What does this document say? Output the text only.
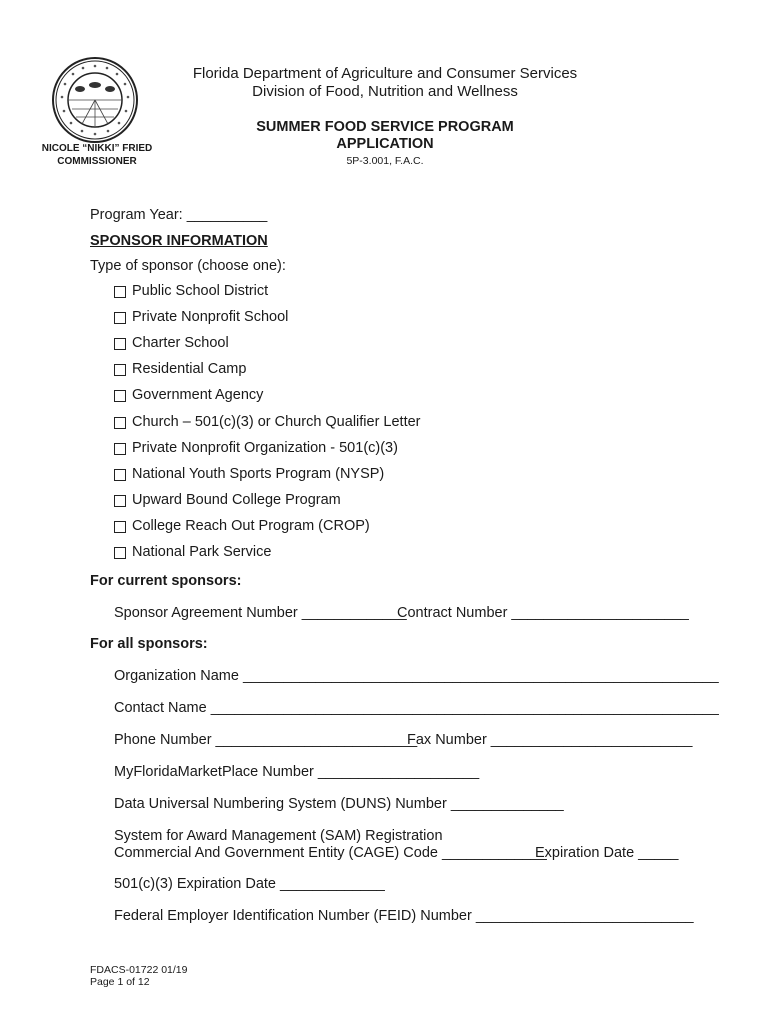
NICOLE “NIKKI” FRIED
COMMISSIONER
Florida Department of Agriculture and Consumer Services
Division of Food, Nutrition and Wellness
SUMMER FOOD SERVICE PROGRAM
APPLICATION
5P-3.001, F.A.C.
Program Year: __________
SPONSOR INFORMATION
Type of sponsor (choose one):
Public School District
Private Nonprofit School
Charter School
Residential Camp
Government Agency
Church – 501(c)(3) or Church Qualifier Letter
Private Nonprofit Organization - 501(c)(3)
National Youth Sports Program (NYSP)
Upward Bound College Program
College Reach Out Program (CROP)
National Park Service
For current sponsors:
Sponsor Agreement Number _____________
Contract Number ______________________
For all sponsors:
Organization Name ___________________________________________________________
Contact Name _______________________________________________________________
Phone Number _________________________
Fax Number _________________________
MyFloridaMarketPlace Number ____________________
Data Universal Numbering System (DUNS) Number ______________
System for Award Management (SAM) Registration
Commercial And Government Entity (CAGE) Code _____________
Expiration Date _____
501(c)(3) Expiration Date _____________
Federal Employer Identification Number (FEID) Number ___________________________
FDACS-01722 01/19
Page 1 of 12
